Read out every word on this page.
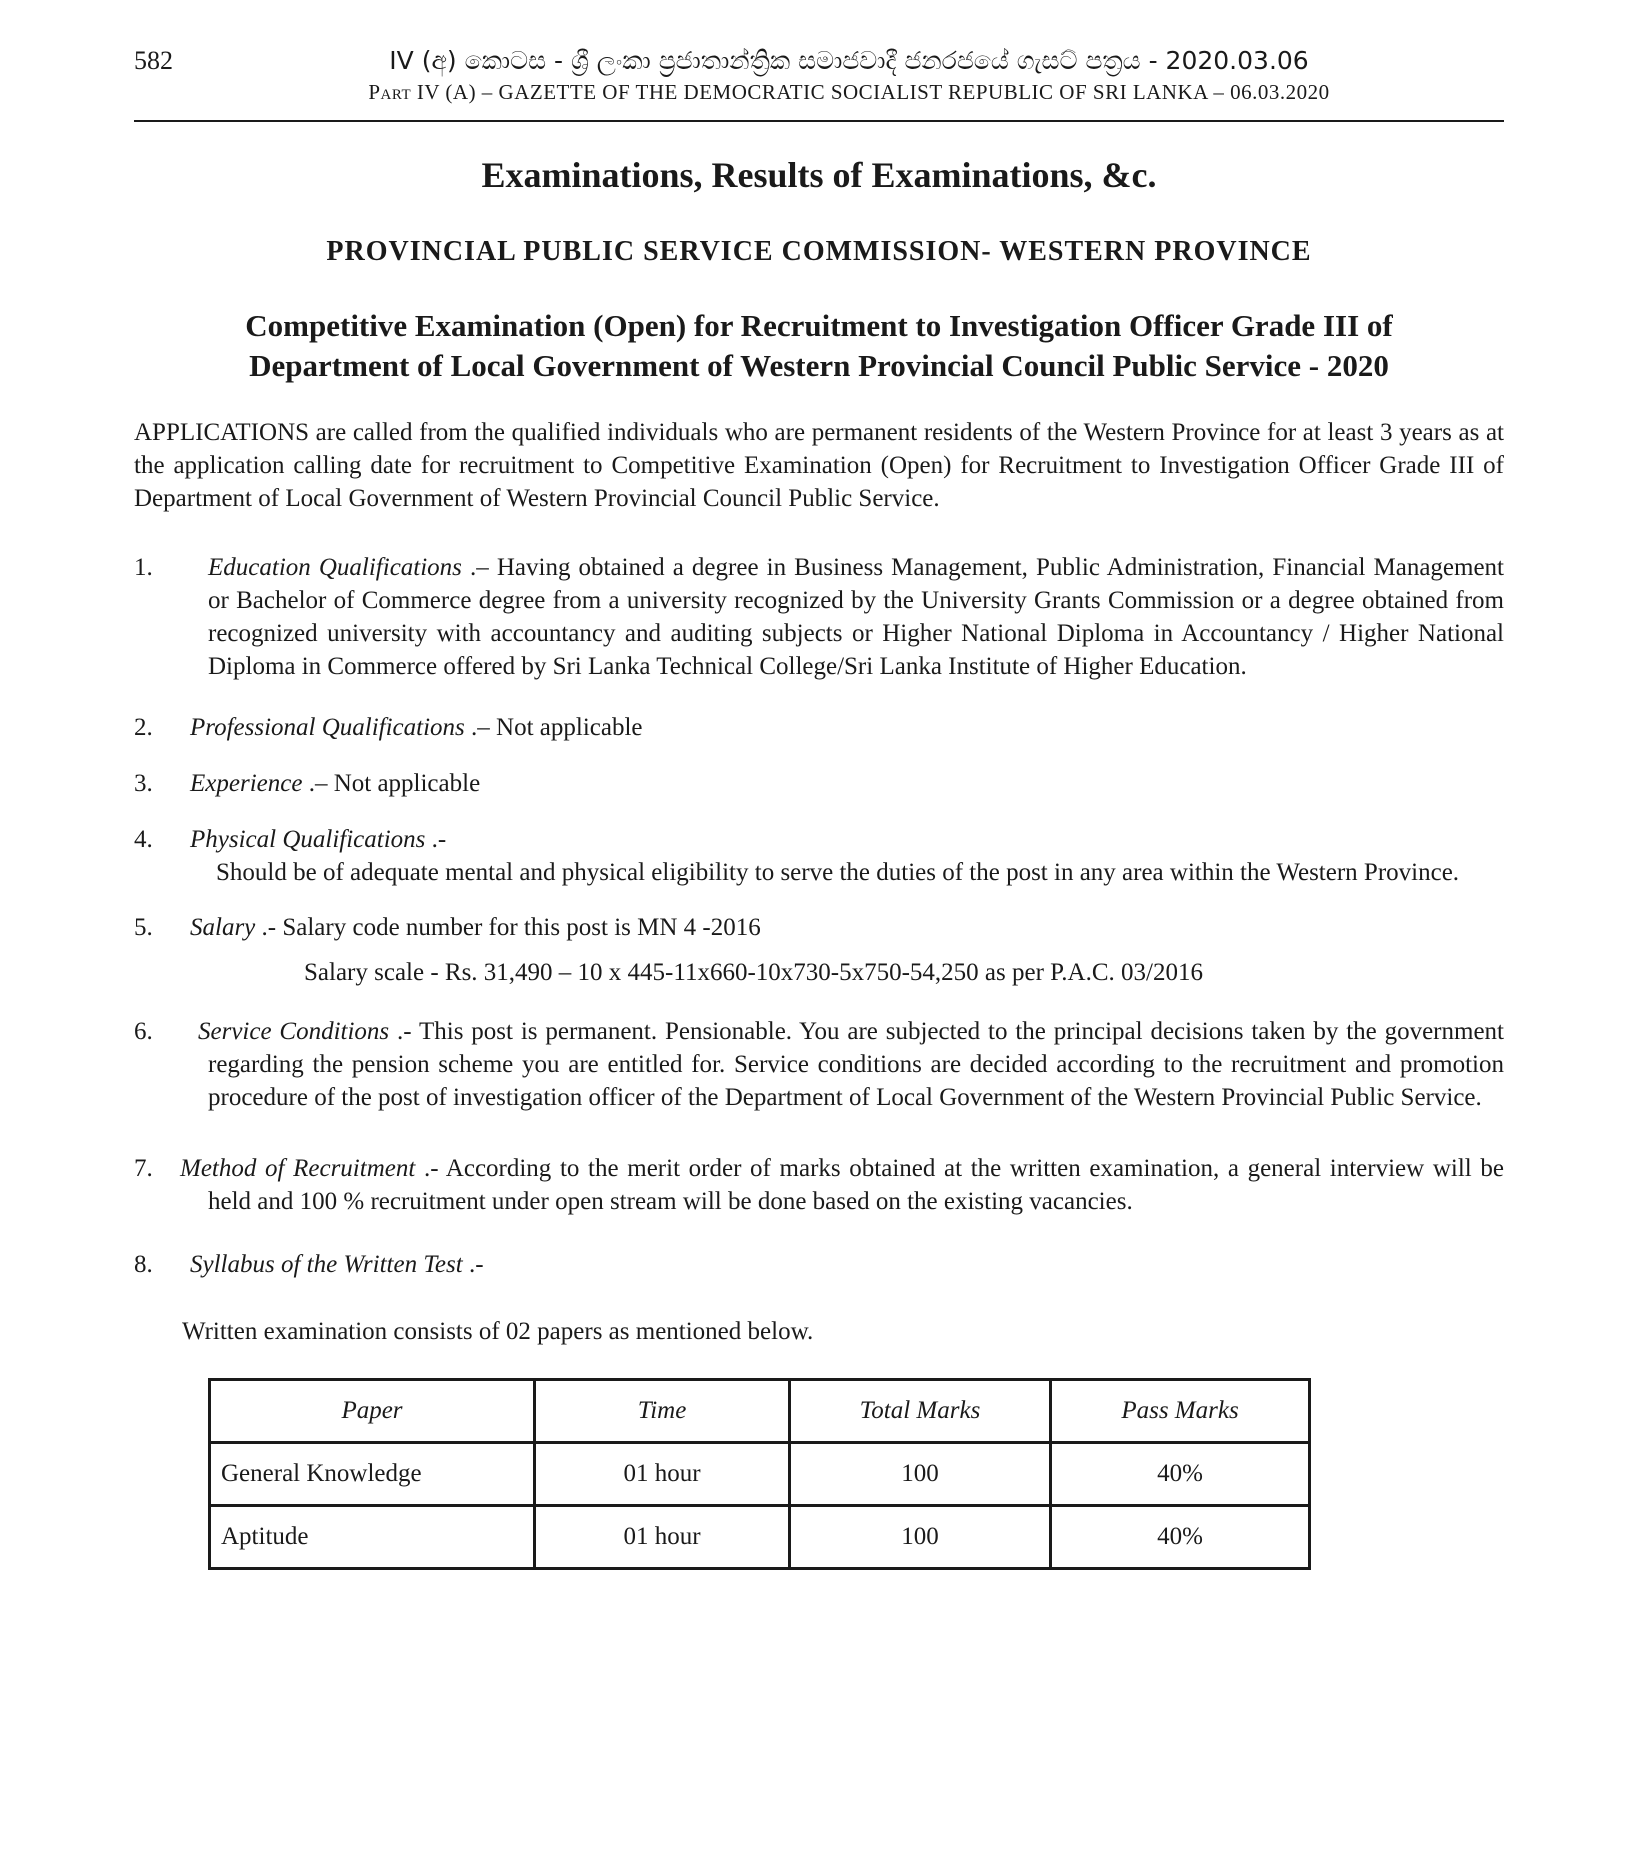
582	IV (අ) කොටස - ශ්‍රී ලංකා ප්‍රජාතාන්ත්‍රික සමාජවාදී ජනරජයේ ගැසට් පත්‍රය - 2020.03.06
Part IV (A) – GAZETTE OF THE DEMOCRATIC SOCIALIST REPUBLIC OF SRI LANKA – 06.03.2020
Examinations, Results of Examinations, &c.
PROVINCIAL PUBLIC SERVICE COMMISSION- WESTERN PROVINCE
Competitive Examination (Open) for Recruitment to Investigation Officer Grade III of
Department of Local Government of Western Provincial Council Public Service - 2020
APPLICATIONS are called from the qualified individuals who are permanent residents of the Western Province for at least 3 years as at the application calling date for recruitment to Competitive Examination (Open) for Recruitment to Investigation Officer Grade III of Department of Local Government of Western Provincial Council Public Service.
1.	Education Qualifications .– Having obtained a degree in Business Management, Public Administration, Financial Management or Bachelor of Commerce degree from a university recognized by the University Grants Commission or a degree obtained from recognized university with accountancy and auditing subjects or Higher National Diploma in Accountancy / Higher National Diploma in Commerce offered by Sri Lanka Technical College/Sri Lanka Institute of Higher Education.
2.	Professional Qualifications .– Not applicable
3.	Experience .– Not applicable
4.	Physical Qualifications .-
Should be of adequate mental and physical eligibility to serve the duties of the post in any area within the Western Province.
5.	Salary .- Salary code number for this post is MN 4 -2016
Salary scale - Rs. 31,490 – 10 x 445-11x660-10x730-5x750-54,250 as per P.A.C. 03/2016
6.	Service Conditions .- This post is permanent. Pensionable. You are subjected to the principal decisions taken by the government regarding the pension scheme you are entitled for. Service conditions are decided according to the recruitment and promotion procedure of the post of investigation officer of the Department of Local Government of the Western Provincial Public Service.
7.	Method of Recruitment .- According to the merit order of marks obtained at the written examination, a general interview will be held and 100 % recruitment under open stream will be done based on the existing vacancies.
8.	Syllabus of the Written Test .-
Written examination consists of 02 papers as mentioned below.
Paper	Time	Total Marks	Pass Marks
General Knowledge	01 hour	100	40%
Aptitude	01 hour	100	40%
